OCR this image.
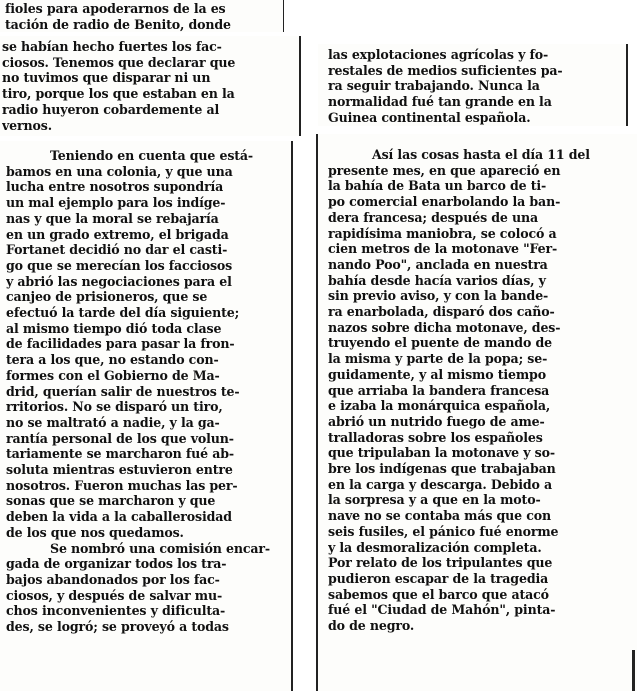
fioles para apoderarnos de la es
tación de radio de Benito, donde
se habían hecho fuertes los fac-
ciosos. Tenemos que declarar que
no tuvimos que disparar ni un
tiro, porque los que estaban en la
radio huyeron cobardemente al
vernos.
las explotaciones agrícolas y fo-
restales de medios suficientes pa-
ra seguir trabajando. Nunca la
normalidad fué tan grande en la
Guinea continental española.
Teniendo en cuenta que está-
bamos en una colonia, y que una
lucha entre nosotros supondría
un mal ejemplo para los indíge-
nas y que la moral se rebajaría
en un grado extremo, el brigada
Fortanet decidió no dar el casti-
go que se merecían los facciosos
y abrió las negociaciones para el
canjeo de prisioneros, que se
efectuó la tarde del día siguiente;
al mismo tiempo dió toda clase
de facilidades para pasar la fron-
tera a los que, no estando con-
formes con el Gobierno de Ma-
drid, querían salir de nuestros te-
rritorios. No se disparó un tiro,
no se maltrató a nadie, y la ga-
rantía personal de los que volun-
tariamente se marcharon fué ab-
soluta mientras estuvieron entre
nosotros. Fueron muchas las per-
sonas que se marcharon y que
deben la vida a la caballerosidad
de los que nos quedamos.
Se nombró una comisión encar-
gada de organizar todos los tra-
bajos abandonados por los fac-
ciosos, y después de salvar mu-
chos inconvenientes y dificulta-
des, se logró; se proveyó a todas
Así las cosas hasta el día 11 del
presente mes, en que apareció en
la bahía de Bata un barco de ti-
po comercial enarbolando la ban-
dera francesa; después de una
rapidísima maniobra, se colocó a
cien metros de la motonave "Fer-
nando Poo", anclada en nuestra
bahía desde hacía varios días, y
sin previo aviso, y con la bande-
ra enarbolada, disparó dos caño-
nazos sobre dicha motonave, des-
truyendo el puente de mando de
la misma y parte de la popa; se-
guidamente, y al mismo tiempo
que arriaba la bandera francesa
e izaba la monárquica española,
abrió un nutrido fuego de ame-
tralladoras sobre los españoles
que tripulaban la motonave y so-
bre los indígenas que trabajaban
en la carga y descarga. Debido a
la sorpresa y a que en la moto-
nave no se contaba más que con
seis fusiles, el pánico fué enorme
y la desmoralización completa.
Por relato de los tripulantes que
pudieron escapar de la tragedia
sabemos que el barco que atacó
fué el "Ciudad de Mahón", pinta-
do de negro.
